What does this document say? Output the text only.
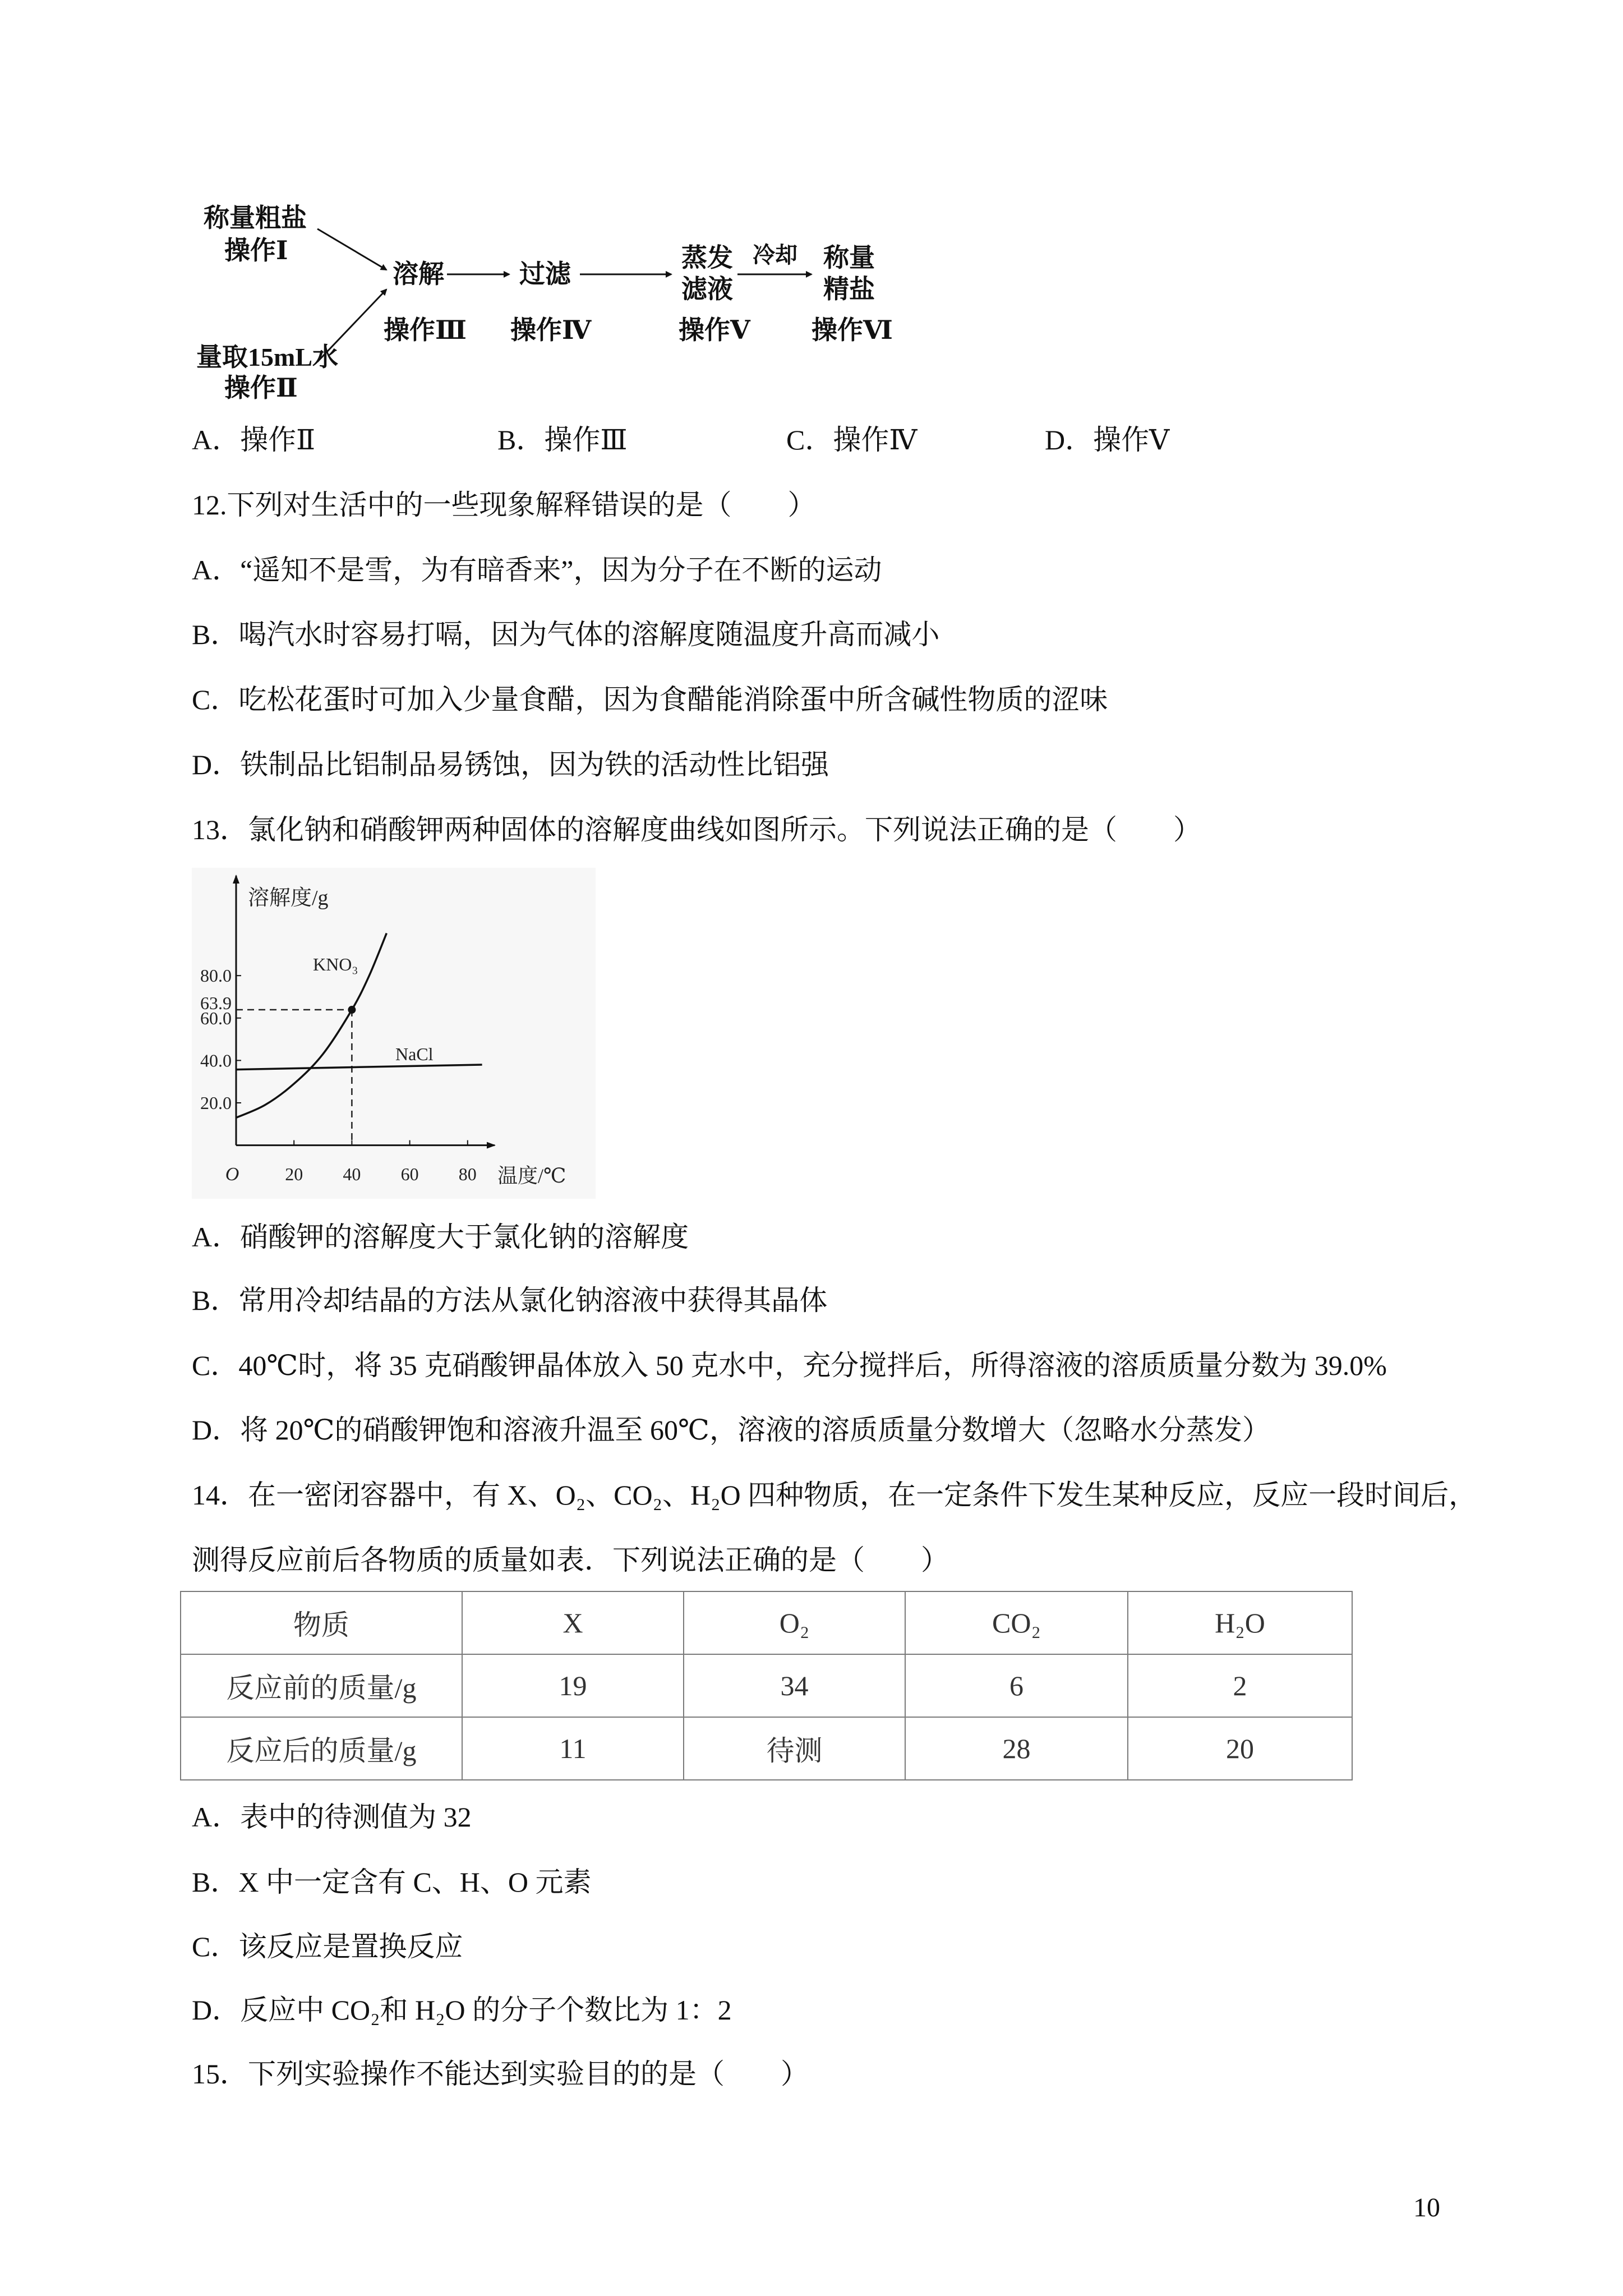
称量粗盐
操作Ⅰ
量取15mL水
操作Ⅱ
溶解
操作Ⅲ
过滤
操作Ⅳ
蒸发
滤液
操作Ⅴ
冷却 称量
精盐
操作Ⅵ
A．操作Ⅱ	B．操作Ⅲ	C．操作Ⅳ	D．操作Ⅴ
12.下列对生活中的一些现象解释错误的是（　　）
A．“遥知不是雪，为有暗香来”，因为分子在不断的运动
B．喝汽水时容易打嗝，因为气体的溶解度随温度升高而减小
C．吃松花蛋时可加入少量食醋，因为食醋能消除蛋中所含碱性物质的涩味
D．铁制品比铝制品易锈蚀，因为铁的活动性比铝强
13．氯化钠和硝酸钾两种固体的溶解度曲线如图所示。下列说法正确的是（　　）
20 40 60 80
20.0
40.0
60.0
63.9
80.0
溶解度/g
温度/℃
O
KNO₃
NaCl
A．硝酸钾的溶解度大于氯化钠的溶解度
B．常用冷却结晶的方法从氯化钠溶液中获得其晶体
C．40℃时，将 35 克硝酸钾晶体放入 50 克水中，充分搅拌后，所得溶液的溶质质量分数为 39.0%
D．将 20℃的硝酸钾饱和溶液升温至 60℃，溶液的溶质质量分数增大（忽略水分蒸发）
14．在一密闭容器中，有 X、O₂、CO₂、H₂O 四种物质，在一定条件下发生某种反应，反应一段时间后，
测得反应前后各物质的质量如表．下列说法正确的是（　　）
物质	X	O₂	CO₂	H₂O
反应前的质量/g	19	34	6	2
反应后的质量/g	11	待测	28	20
A．表中的待测值为 32
B．X 中一定含有 C、H、O 元素
C．该反应是置换反应
D．反应中 CO₂和 H₂O 的分子个数比为 1：2
15．下列实验操作不能达到实验目的的是（　　）
10
